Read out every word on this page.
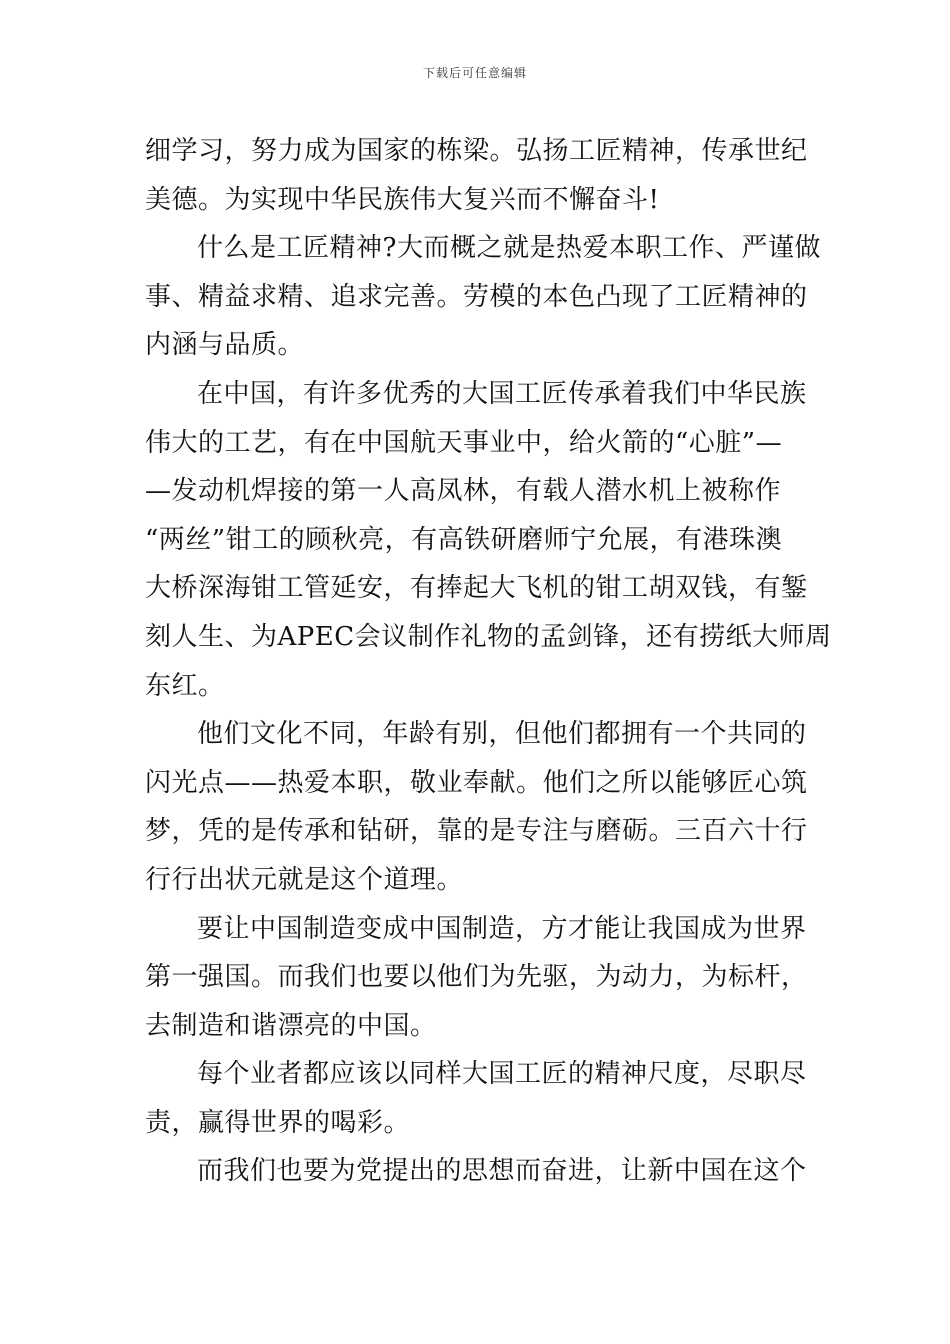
下载后可任意编辑
细学习，努力成为国家的栋梁。弘扬工匠精神，传承世纪
美德。为实现中华民族伟大复兴而不懈奋斗!
什么是工匠精神?大而概之就是热爱本职工作、严谨做
事、精益求精、追求完善。劳模的本色凸现了工匠精神的
内涵与品质。
在中国，有许多优秀的大国工匠传承着我们中华民族
伟大的工艺，有在中国航天事业中，给火箭的“心脏”—
—发动机焊接的第一人高凤林，有载人潜水机上被称作
“两丝”钳工的顾秋亮，有高铁研磨师宁允展，有港珠澳
大桥深海钳工管延安，有捧起大飞机的钳工胡双钱，有錾
刻人生、为APEC会议制作礼物的孟剑锋，还有捞纸大师周
东红。
他们文化不同，年龄有别，但他们都拥有一个共同的
闪光点——热爱本职，敬业奉献。他们之所以能够匠心筑
梦，凭的是传承和钻研，靠的是专注与磨砺。三百六十行
行行出状元就是这个道理。
要让中国制造变成中国制造，方才能让我国成为世界
第一强国。而我们也要以他们为先驱，为动力，为标杆，
去制造和谐漂亮的中国。
每个业者都应该以同样大国工匠的精神尺度，尽职尽
责，赢得世界的喝彩。
而我们也要为党提出的思想而奋进，让新中国在这个
